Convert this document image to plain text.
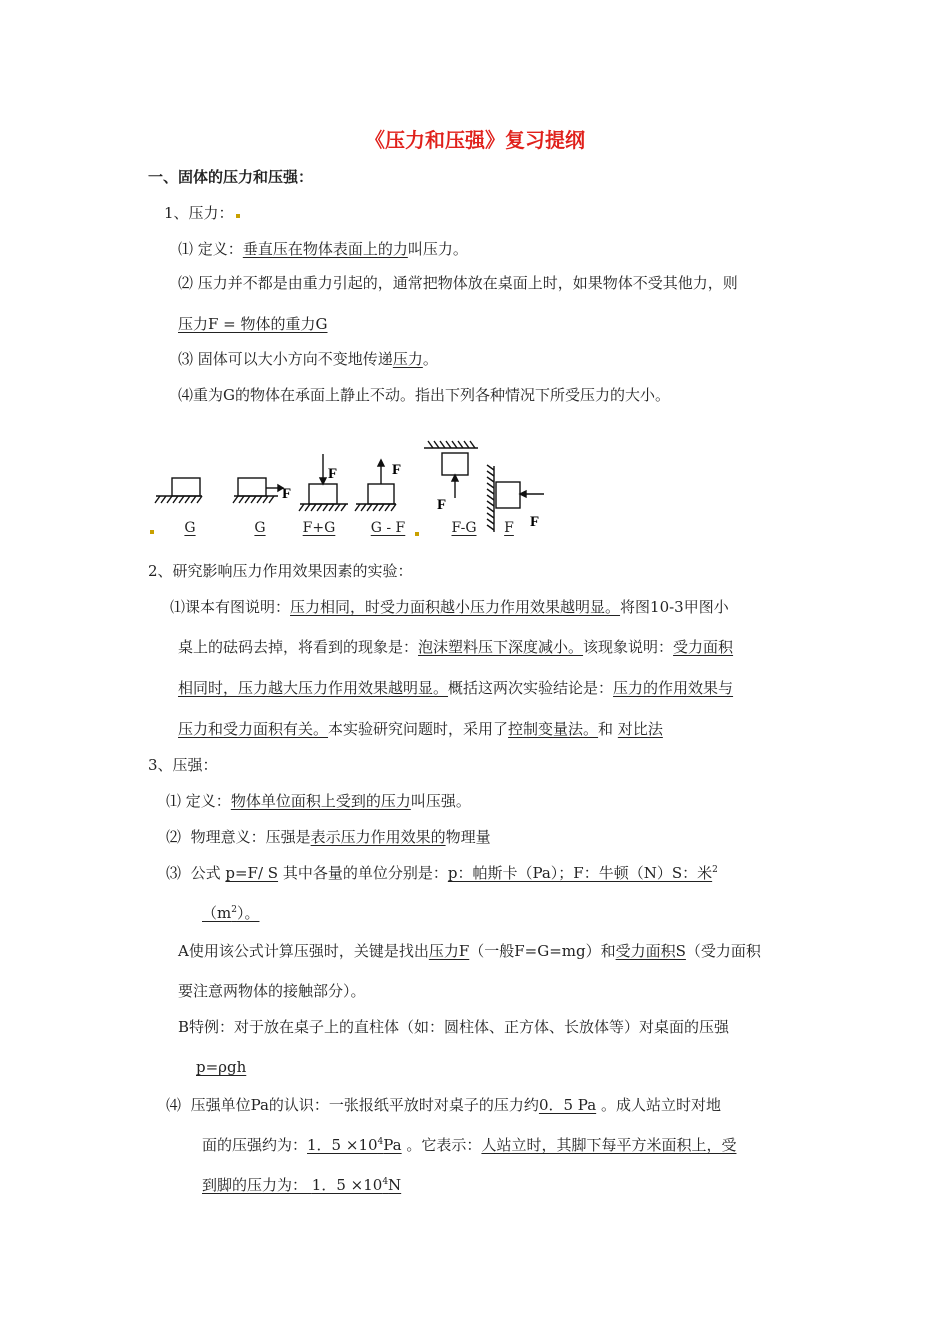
《压力和压强》复习提纲
一、固体的压力和压强：
1、压力：
⑴ 定义：垂直压在物体表面上的力叫压力。
⑵ 压力并不都是由重力引起的，通常把物体放在桌面上时，如果物体不受其他力，则
压力F = 物体的重力G
⑶ 固体可以大小方向不变地传递压力。
⑷重为G的物体在承面上静止不动。指出下列各种情况下所受压力的大小。
F
F	F
F
F
G	G	F+G	G - F	F-G	F
2、研究影响压力作用效果因素的实验：
⑴课本有图说明：压力相同，时受力面积越小压力作用效果越明显。将图10-3甲图小
桌上的砝码去掉，将看到的现象是：泡沫塑料压下深度减小。该现象说明：受力面积
相同时，压力越大压力作用效果越明显。概括这两次实验结论是：压力的作用效果与
压力和受力面积有关。本实验研究问题时，采用了控制变量法。和 对比法
3、压强：
⑴ 定义：物体单位面积上受到的压力叫压强。
⑵ 物理意义：压强是表示压力作用效果的物理量
⑶ 公式 p=F/ S 其中各量的单位分别是：p：帕斯卡（Pa）；F：牛顿（N）S：米$^2$
$(m^2)$。
A使用该公式计算压强时，关键是找出压力F（一般F=G=mg）和受力面积S（受力面积
要注意两物体的接触部分）。
B特例：对于放在桌子上的直柱体（如：圆柱体、正方体、长放体等）对桌面的压强
p=ρgh
⑷ 压强单位Pa的认识：一张报纸平放时对桌子的压力约0．5 Pa 。成人站立时对地
面的压强约为：1．$5 \times 10^4Pa$ 。它表示：人站立时，其脚下每平方米面积上，受
到脚的压力为： 1．$5 \times 10^4N$
